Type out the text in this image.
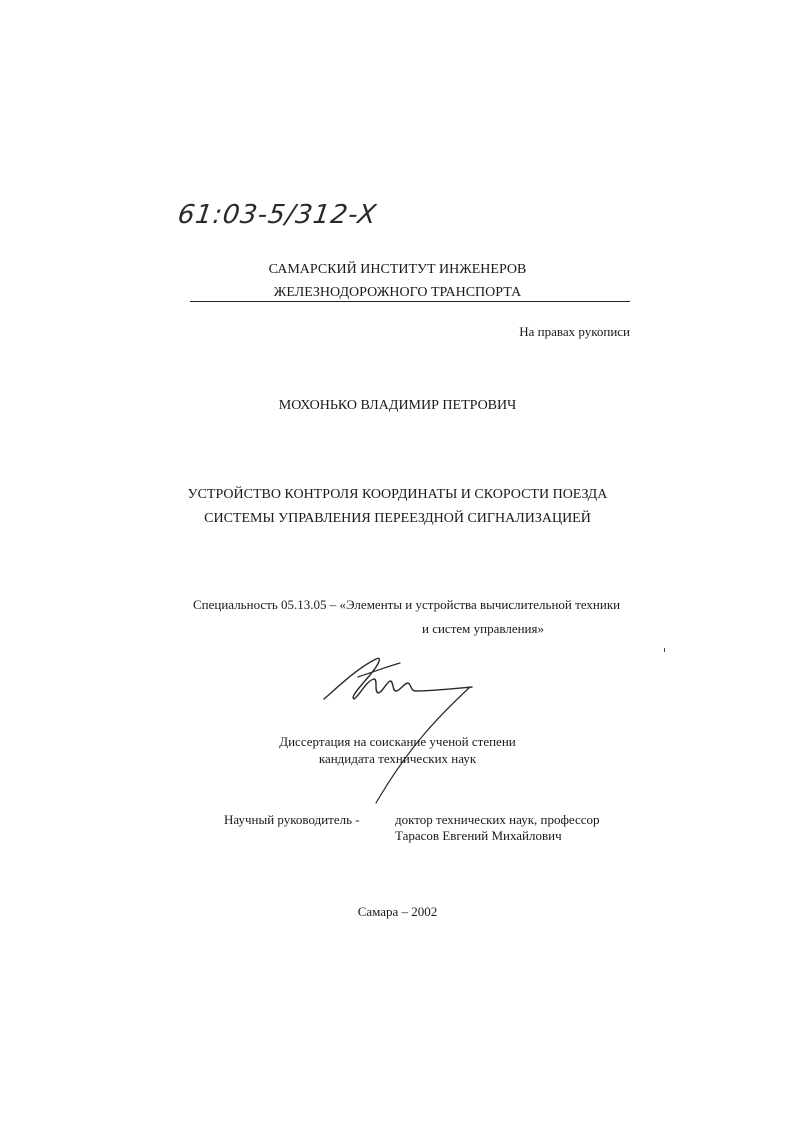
61:03-5/312-X
САМАРСКИЙ ИНСТИТУТ ИНЖЕНЕРОВ
ЖЕЛЕЗНОДОРОЖНОГО ТРАНСПОРТА
На правах рукописи
МОХОНЬКО ВЛАДИМИР ПЕТРОВИЧ
УСТРОЙСТВО КОНТРОЛЯ КООРДИНАТЫ И СКОРОСТИ ПОЕЗДА
СИСТЕМЫ УПРАВЛЕНИЯ ПЕРЕЕЗДНОЙ СИГНАЛИЗАЦИЕЙ
Специальность 05.13.05 – «Элементы и устройства вычислительной техники
и систем управления»
Диссертация на соискание ученой степени
кандидата технических наук
Научный руководитель -	доктор технических наук, профессор
Тарасов Евгений Михайлович
Самара – 2002
